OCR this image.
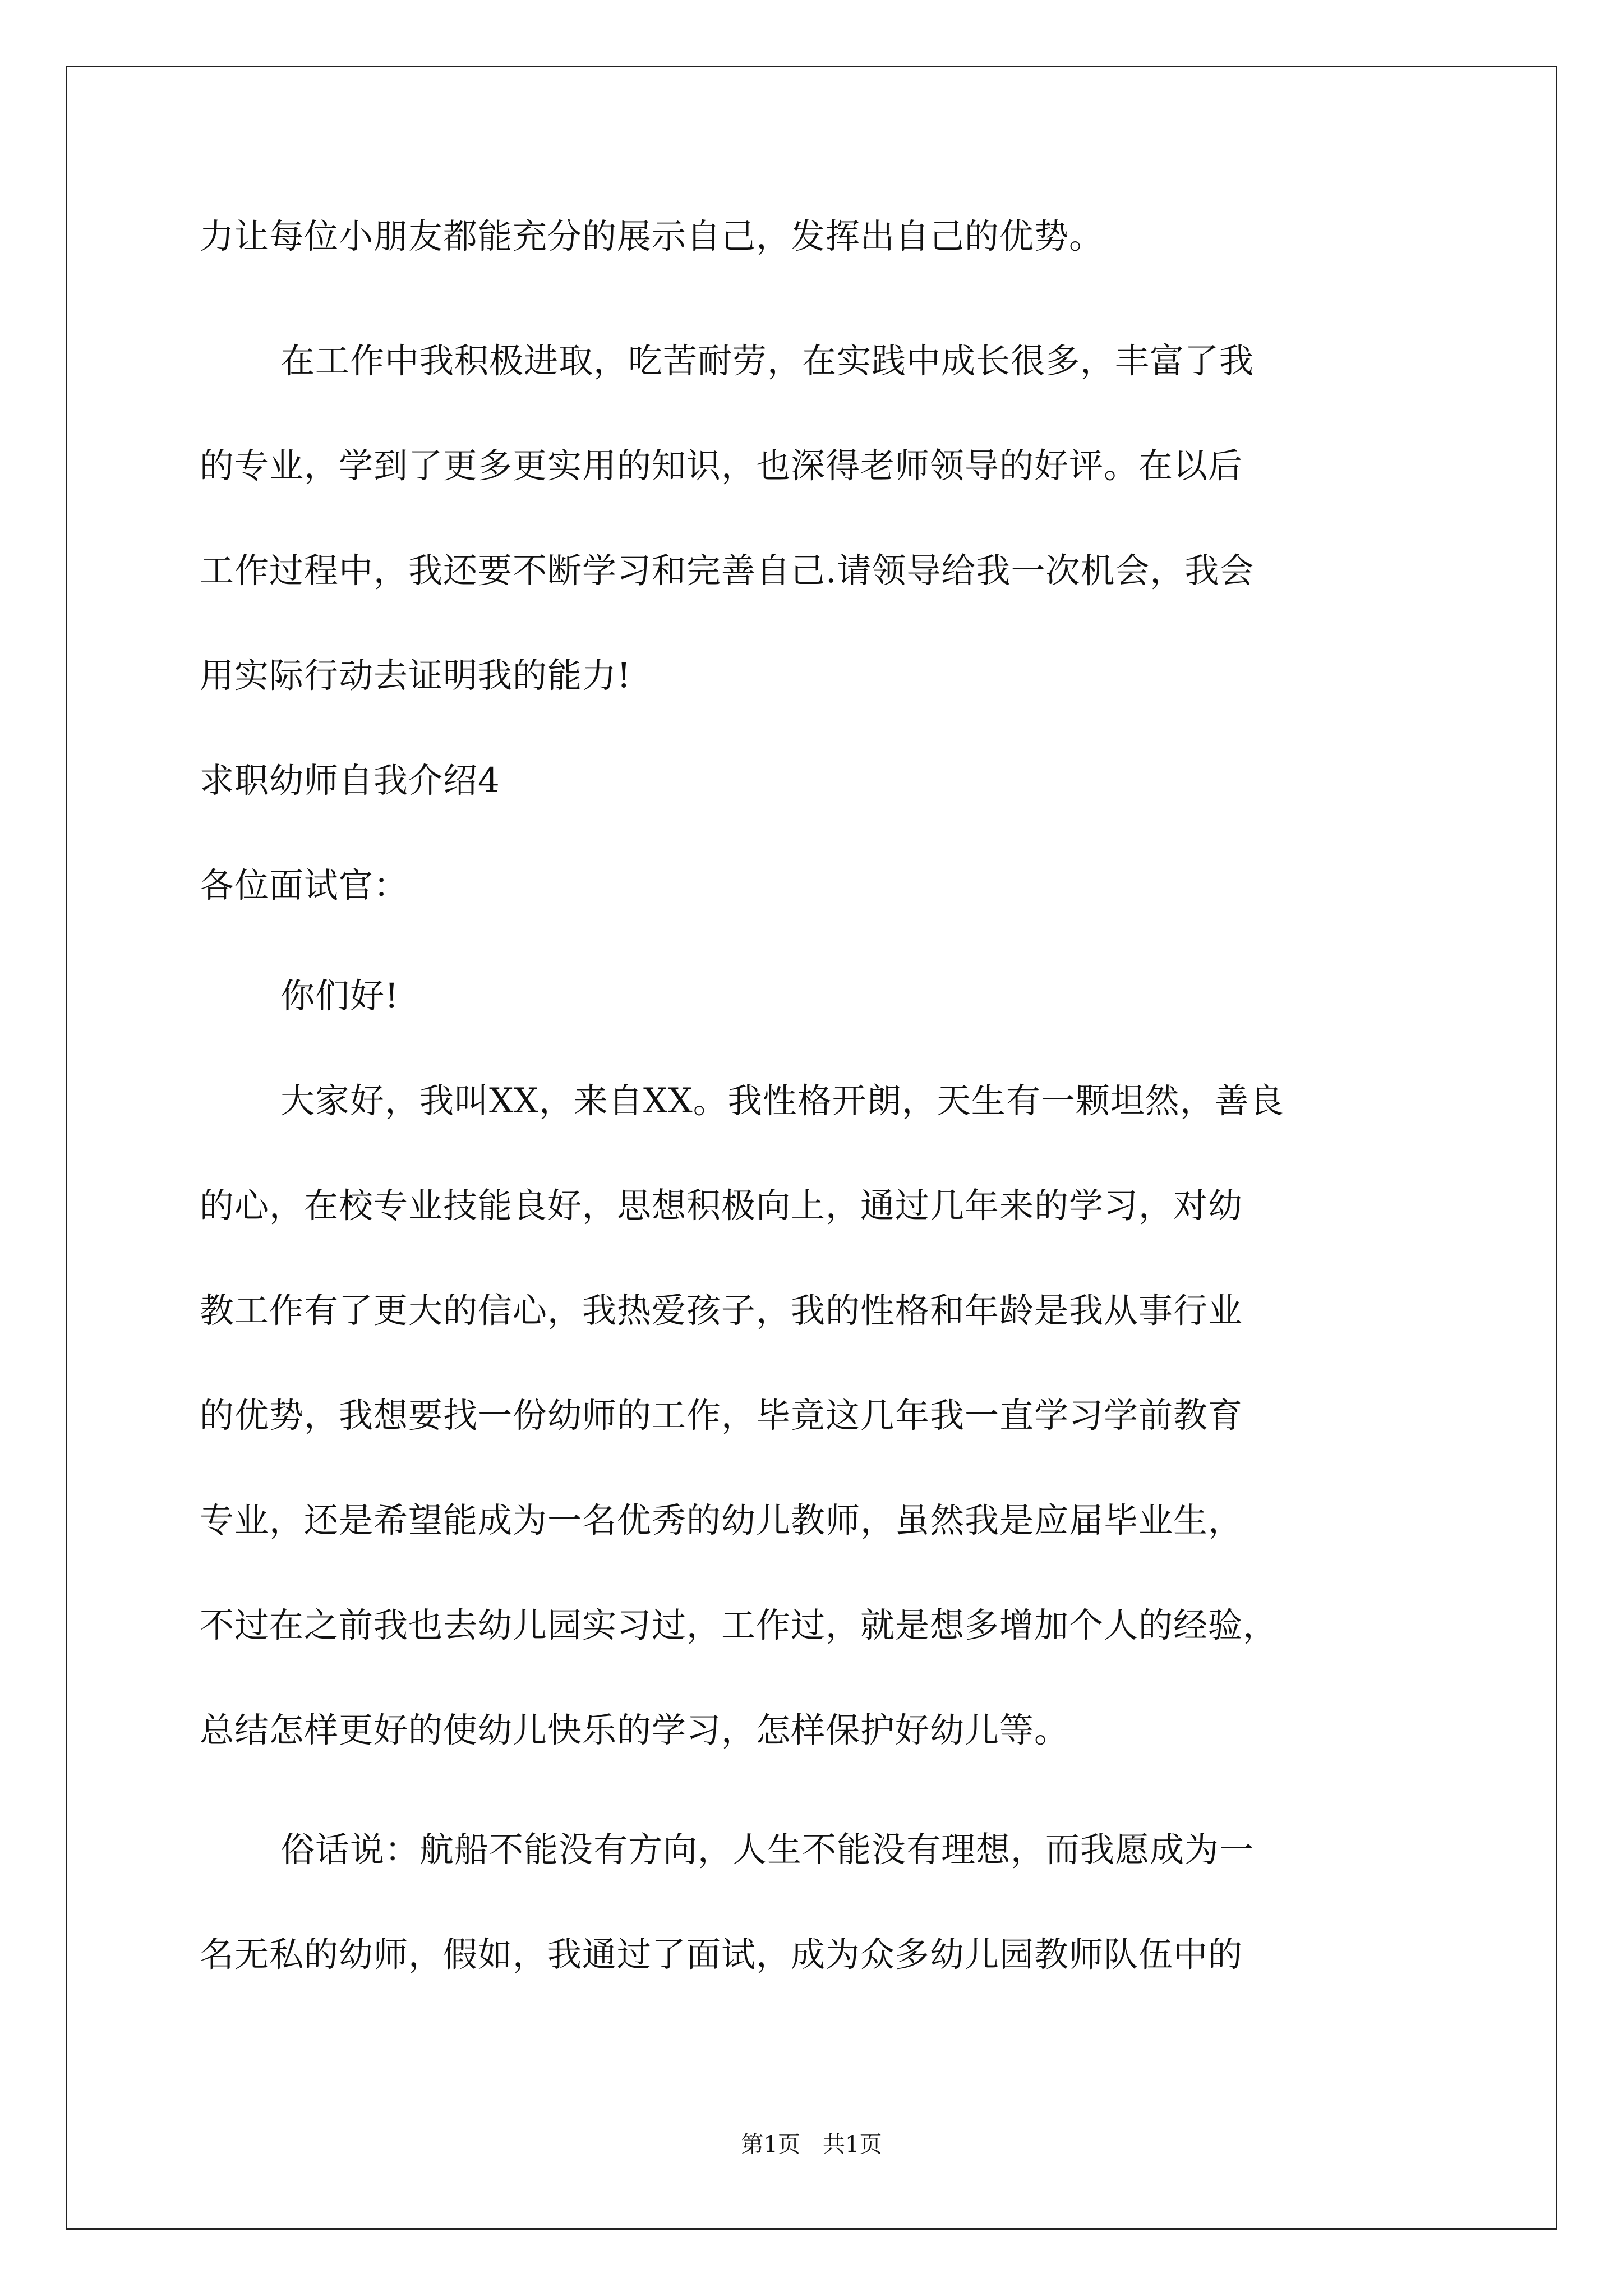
力让每位小朋友都能充分的展示自己，发挥出自己的优势。
在工作中我积极进取，吃苦耐劳，在实践中成长很多，丰富了我
的专业，学到了更多更实用的知识，也深得老师领导的好评。在以后
工作过程中，我还要不断学习和完善自己.请领导给我一次机会，我会
用实际行动去证明我的能力!
求职幼师自我介绍4
各位面试官：
你们好!
大家好，我叫XX，来自XX。我性格开朗，天生有一颗坦然，善良
的心，在校专业技能良好，思想积极向上，通过几年来的学习，对幼
教工作有了更大的信心，我热爱孩子，我的性格和年龄是我从事行业
的优势，我想要找一份幼师的工作，毕竟这几年我一直学习学前教育
专业，还是希望能成为一名优秀的幼儿教师，虽然我是应届毕业生，
不过在之前我也去幼儿园实习过，工作过，就是想多增加个人的经验，
总结怎样更好的使幼儿快乐的学习，怎样保护好幼儿等。
俗话说：航船不能没有方向，人生不能没有理想，而我愿成为一
名无私的幼师，假如，我通过了面试，成为众多幼儿园教师队伍中的
第1页　共1页
